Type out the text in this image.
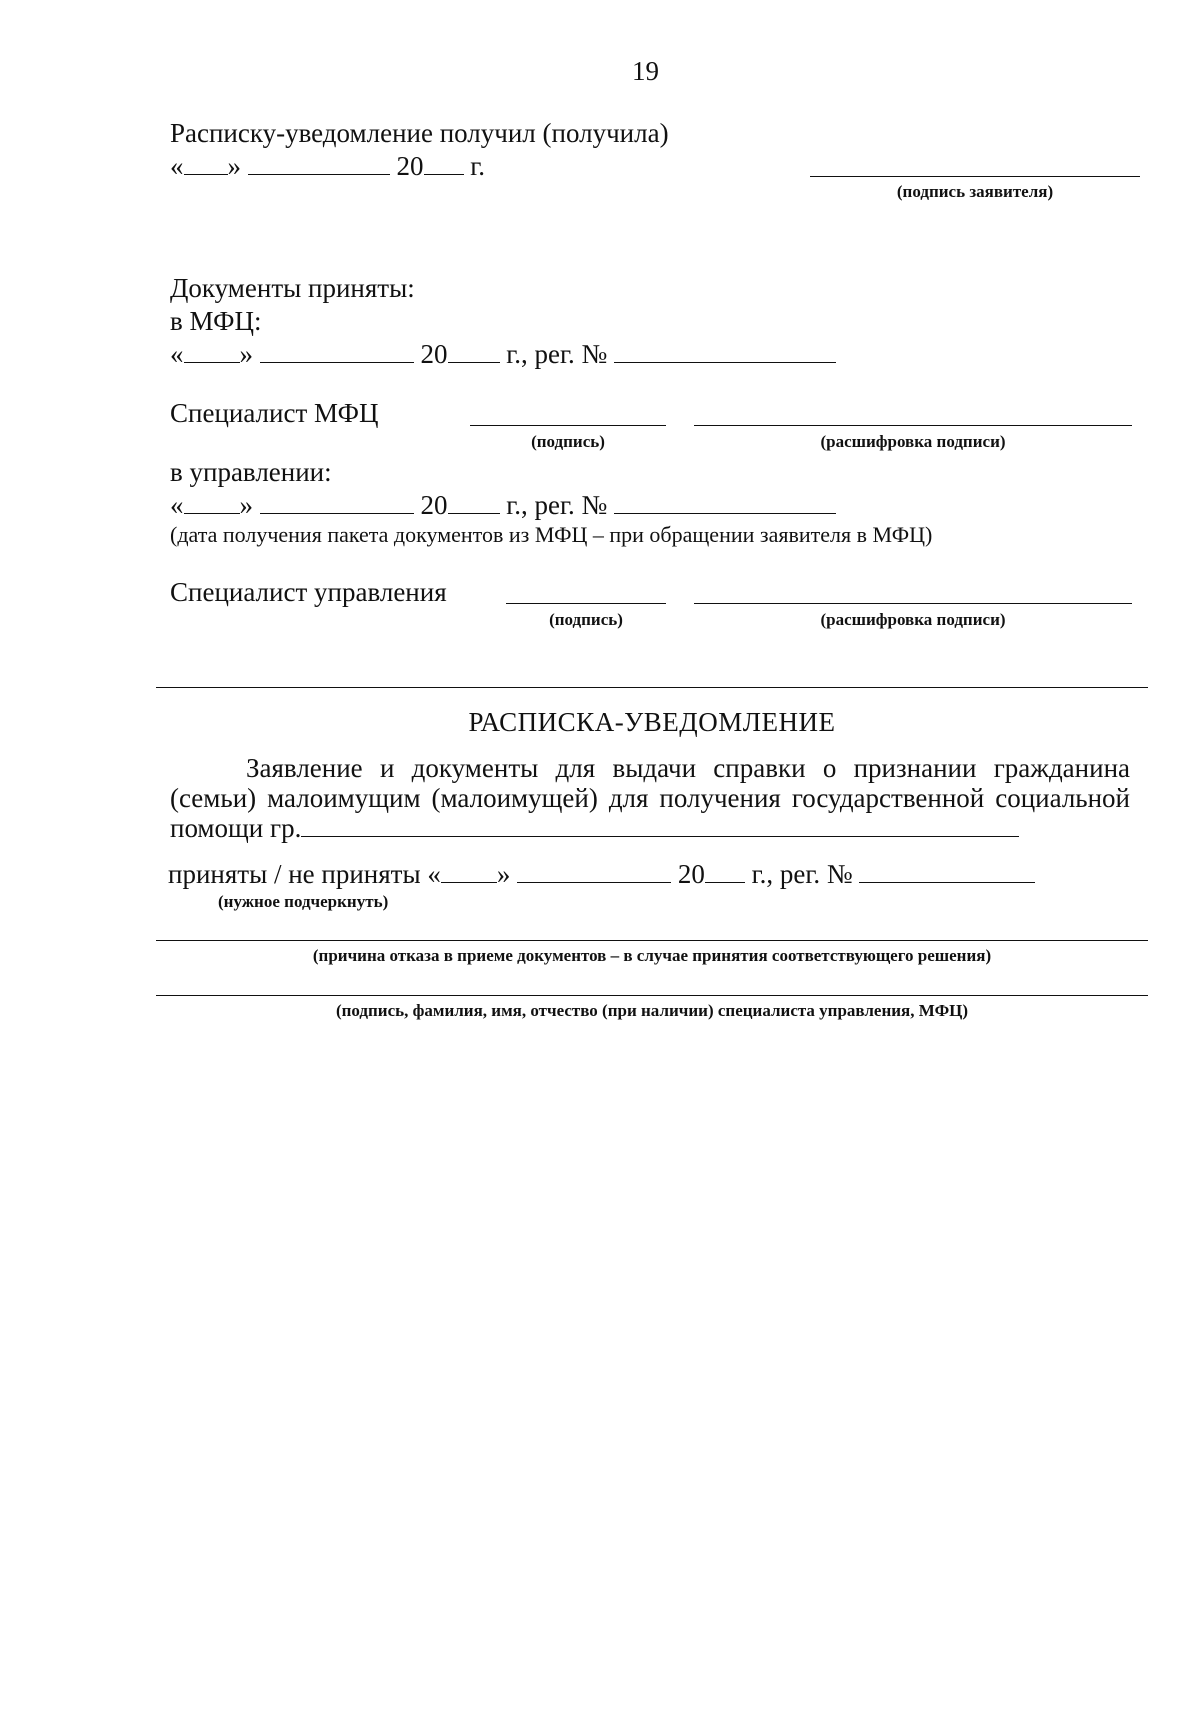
19
Расписку-уведомление получил (получила)
« »	20 г.
(подпись заявителя)
Документы приняты:
в МФЦ:
« »	20 г., рег. №
Специалист МФЦ
(подпись)	(расшифровка подписи)
в управлении:
« »	20 г., рег. №
(дата получения пакета документов из МФЦ – при обращении заявителя в МФЦ)
Специалист управления
(подпись)	(расшифровка подписи)
РАСПИСКА-УВЕДОМЛЕНИЕ
Заявление и документы для выдачи справки о признании гражданина (семьи) малоимущим (малоимущей) для получения государственной социальной помощи гр.
приняты / не приняты « »	20 г., рег. №
(нужное подчеркнуть)
(причина отказа в приеме документов – в случае принятия соответствующего решения)
(подпись, фамилия, имя, отчество (при наличии) специалиста управления, МФЦ)
